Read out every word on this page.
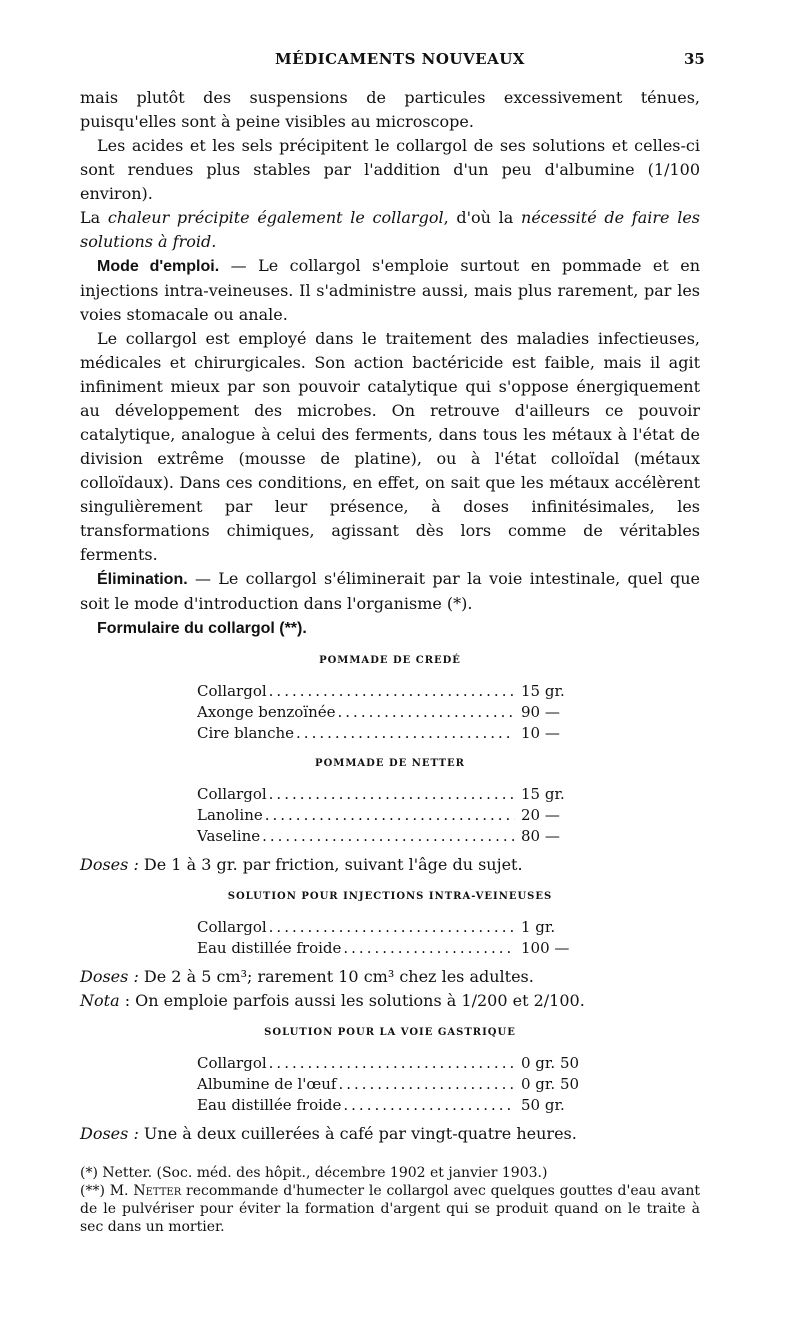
MÉDICAMENTS NOUVEAUX	35

mais plutôt des suspensions de particules excessivement ténues, puisqu'elles sont à peine visibles au microscope.

Les acides et les sels précipitent le collargol de ses solutions et celles-ci sont rendues plus stables par l'addition d'un peu d'albumine (1/100 environ).

La chaleur précipite également le collargol, d'où la nécessité de faire les solutions à froid.

Mode d'emploi. — Le collargol s'emploie surtout en pommade et en injections intra-veineuses. Il s'administre aussi, mais plus rarement, par les voies stomacale ou anale.

Le collargol est employé dans le traitement des maladies infectieuses, médicales et chirurgicales. Son action bactéricide est faible, mais il agit infiniment mieux par son pouvoir catalytique qui s'oppose énergiquement au développement des microbes. On retrouve d'ailleurs ce pouvoir catalytique, analogue à celui des ferments, dans tous les métaux à l'état de division extrême (mousse de platine), ou à l'état colloïdal (métaux colloïdaux). Dans ces conditions, en effet, on sait que les métaux accélèrent singulièrement par leur présence, à doses infinitésimales, les transformations chimiques, agissant dès lors comme de véritables ferments.

Élimination. — Le collargol s'éliminerait par la voie intestinale, quel que soit le mode d'introduction dans l'organisme (*).

Formulaire du collargol (**).

POMMADE DE CREDÉ
Collargol .....	15 gr.
Axonge benzoïnée .....	90 —
Cire blanche .....	10 —
POMMADE DE NETTER
Collargol .....	15 gr.
Lanoline .....	20 —
Vaseline .....	80 —

Doses : De 1 à 3 gr. par friction, suivant l'âge du sujet.

SOLUTION POUR INJECTIONS INTRA-VEINEUSES
Collargol .....	1 gr.
Eau distillée froide .....	100 —

Doses : De 2 à 5 cm³; rarement 10 cm³ chez les adultes.

Nota : On emploie parfois aussi les solutions à 1/200 et 2/100.

SOLUTION POUR LA VOIE GASTRIQUE
Collargol .....	0 gr. 50
Albumine de l'œuf .....	0 gr. 50
Eau distillée froide .....	50 gr.

Doses : Une à deux cuillerées à café par vingt-quatre heures.

(*) Netter. (Soc. méd. des hôpit., décembre 1902 et janvier 1903.)

(**) M. Netter recommande d'humecter le collargol avec quelques gouttes d'eau avant de le pulvériser pour éviter la formation d'argent qui se produit quand on le traite à sec dans un mortier.
